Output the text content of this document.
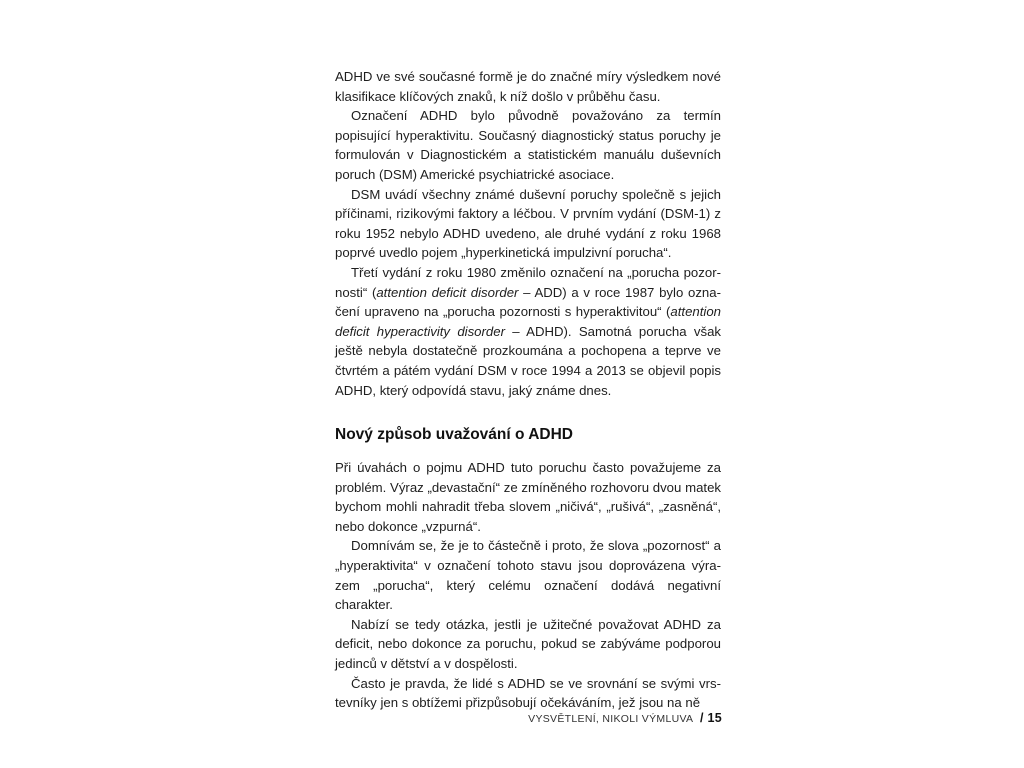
ADHD ve své současné formě je do značné míry výsledkem nové klasifikace klíčových znaků, k níž došlo v průběhu času.

Označení ADHD bylo původně považováno za termín popisující hyperaktivitu. Současný diagnostický status poruchy je formulován v Diagnostickém a statistickém manuálu duševních poruch (DSM) Americké psychiatrické asociace.

DSM uvádí všechny známé duševní poruchy společně s jejich příčinami, rizikovými faktory a léčbou. V prvním vydání (DSM-1) z roku 1952 nebylo ADHD uvedeno, ale druhé vydání z roku 1968 poprvé uvedlo pojem „hyperkinetická impulzivní porucha“.

Třetí vydání z roku 1980 změnilo označení na „porucha pozornosti“ (attention deficit disorder – ADD) a v roce 1987 bylo označení upraveno na „porucha pozornosti s hyperaktivitou“ (attention deficit hyperactivity disorder – ADHD). Samotná porucha však ještě nebyla dostatečně prozkoumána a pochopena a teprve ve čtvrtém a pátém vydání DSM v roce 1994 a 2013 se objevil popis ADHD, který odpovídá stavu, jaký známe dnes.

Nový způsob uvažování o ADHD

Při úvahách o pojmu ADHD tuto poruchu často považujeme za problém. Výraz „devastační“ ze zmíněného rozhovoru dvou matek bychom mohli nahradit třeba slovem „ničivá“, „rušivá“, „zasněná“, nebo dokonce „vzpurná“.

Domnívám se, že je to částečně i proto, že slova „pozornost“ a „hyperaktivita“ v označení tohoto stavu jsou doprovázena výrazem „porucha“, který celému označení dodává negativní charakter.

Nabízí se tedy otázka, jestli je užitečné považovat ADHD za deficit, nebo dokonce za poruchu, pokud se zabýváme podporou jedinců v dětství a v dospělosti.

Často je pravda, že lidé s ADHD se ve srovnání se svými vrstevníky jen s obtížemi přizpůsobují očekáváním, jež jsou na ně

VYSVĚTLENÍ, NIKOLI VÝMLUVA / 15
